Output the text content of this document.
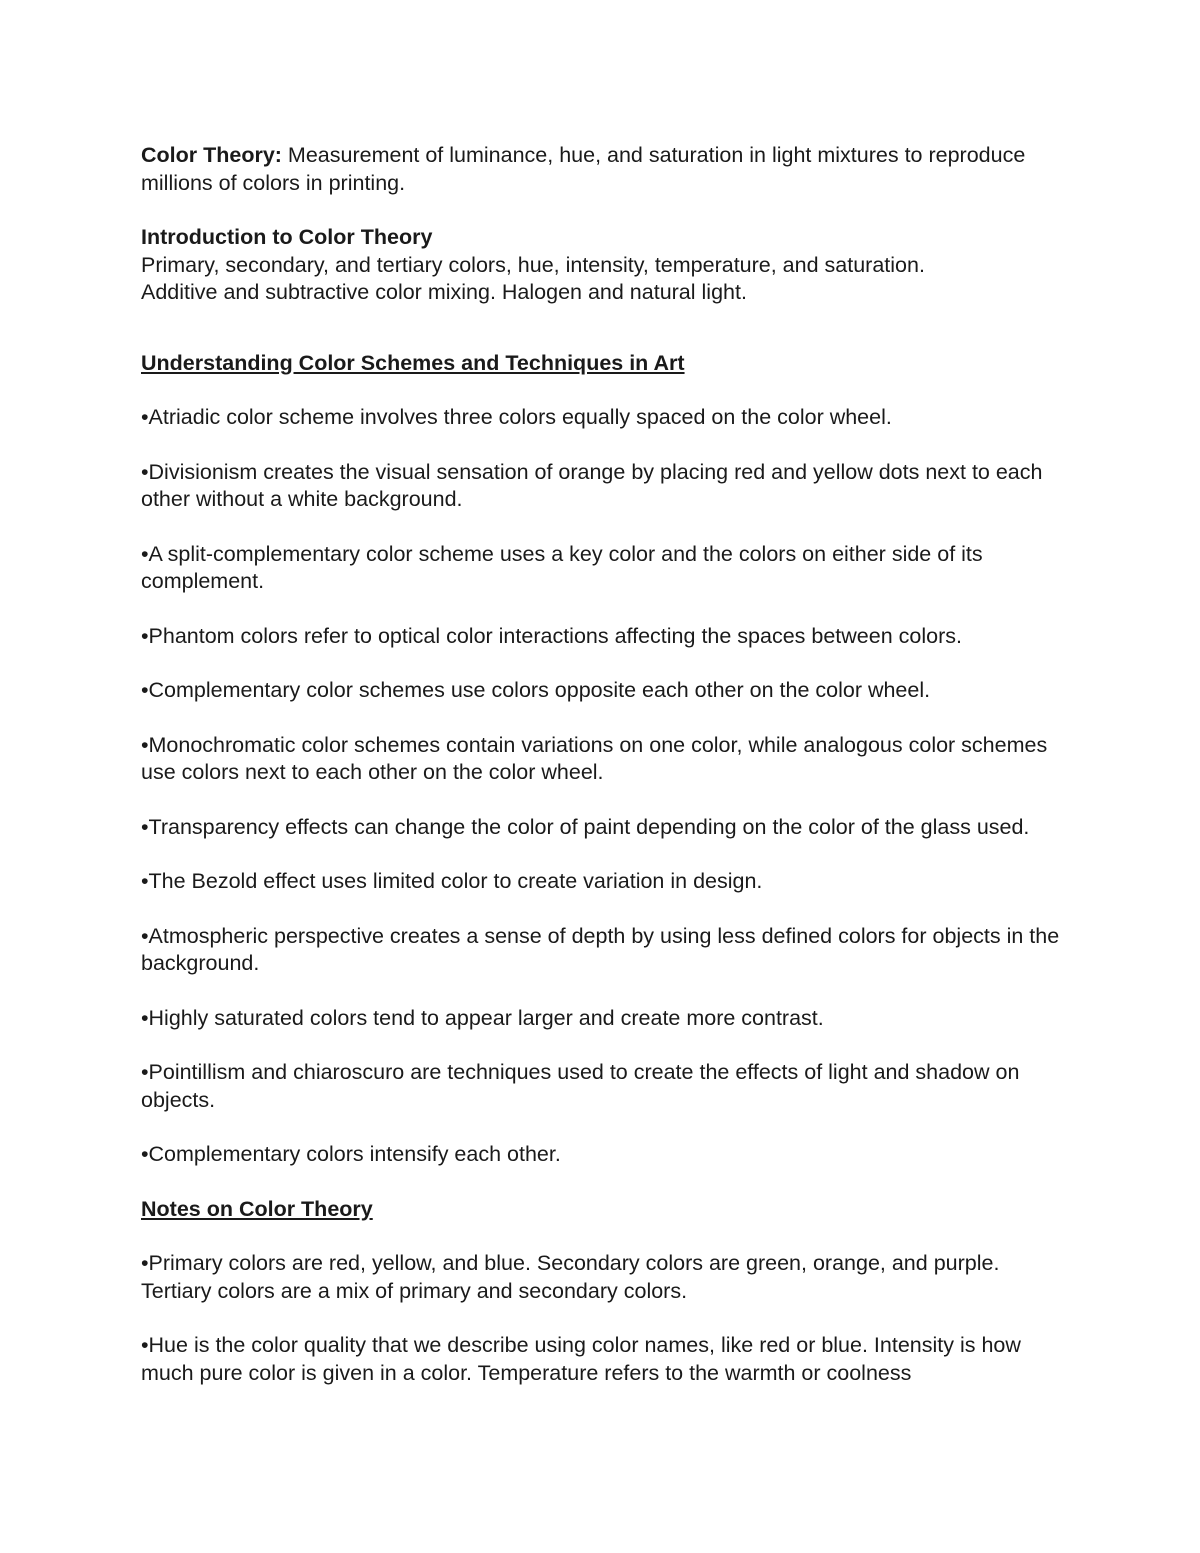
Color Theory: Measurement of luminance, hue, and saturation in light mixtures to reproduce millions of colors in printing.

Introduction to Color Theory

Primary, secondary, and tertiary colors, hue, intensity, temperature, and saturation.

Additive and subtractive color mixing. Halogen and natural light.

Understanding Color Schemes and Techniques in Art

•Atriadic color scheme involves three colors equally spaced on the color wheel.

•Divisionism creates the visual sensation of orange by placing red and yellow dots next to each other without a white background.

•A split-complementary color scheme uses a key color and the colors on either side of its complement.

•Phantom colors refer to optical color interactions affecting the spaces between colors.

•Complementary color schemes use colors opposite each other on the color wheel.

•Monochromatic color schemes contain variations on one color, while analogous color schemes use colors next to each other on the color wheel.

•Transparency effects can change the color of paint depending on the color of the glass used.

•The Bezold effect uses limited color to create variation in design.

•Atmospheric perspective creates a sense of depth by using less defined colors for objects in the background.

•Highly saturated colors tend to appear larger and create more contrast.

•Pointillism and chiaroscuro are techniques used to create the effects of light and shadow on objects.

•Complementary colors intensify each other.

Notes on Color Theory

•Primary colors are red, yellow, and blue. Secondary colors are green, orange, and purple. Tertiary colors are a mix of primary and secondary colors.

•Hue is the color quality that we describe using color names, like red or blue. Intensity is how much pure color is given in a color. Temperature refers to the warmth or coolness
